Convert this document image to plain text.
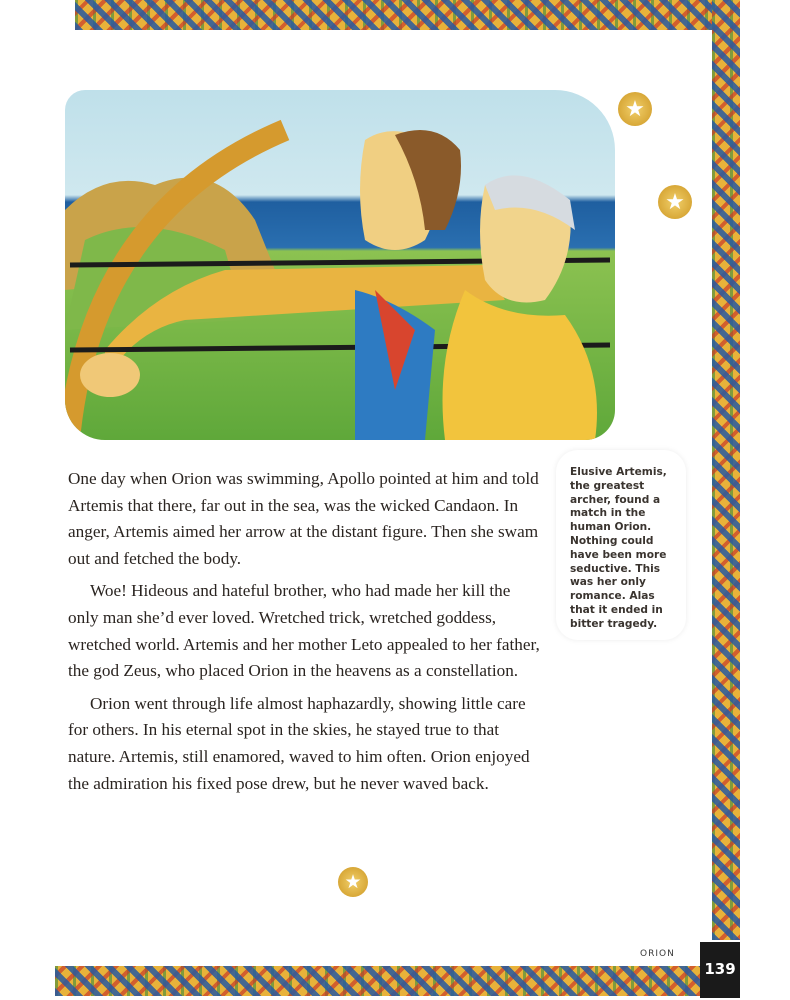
★
★
★

One day when Orion was swimming, Apollo pointed at him and told Artemis that there, far out in the sea, was the wicked Candaon. In anger, Artemis aimed her arrow at the distant figure. Then she swam out and fetched the body.

Woe! Hideous and hateful brother, who had made her kill the only man she’d ever loved. Wretched trick, wretched goddess, wretched world. Artemis and her mother Leto appealed to her father, the god Zeus, who placed Orion in the heavens as a constellation.

Orion went through life almost haphazardly, showing little care for others. In his eternal spot in the skies, he stayed true to that nature. Artemis, still enamored, waved to him often. Orion enjoyed the admiration his fixed pose drew, but he never waved back.

Elusive Artemis, the greatest archer, found a match in the human Orion. Nothing could have been more seductive. This was her only romance. Alas that it ended in bitter tragedy.
ORION
139
